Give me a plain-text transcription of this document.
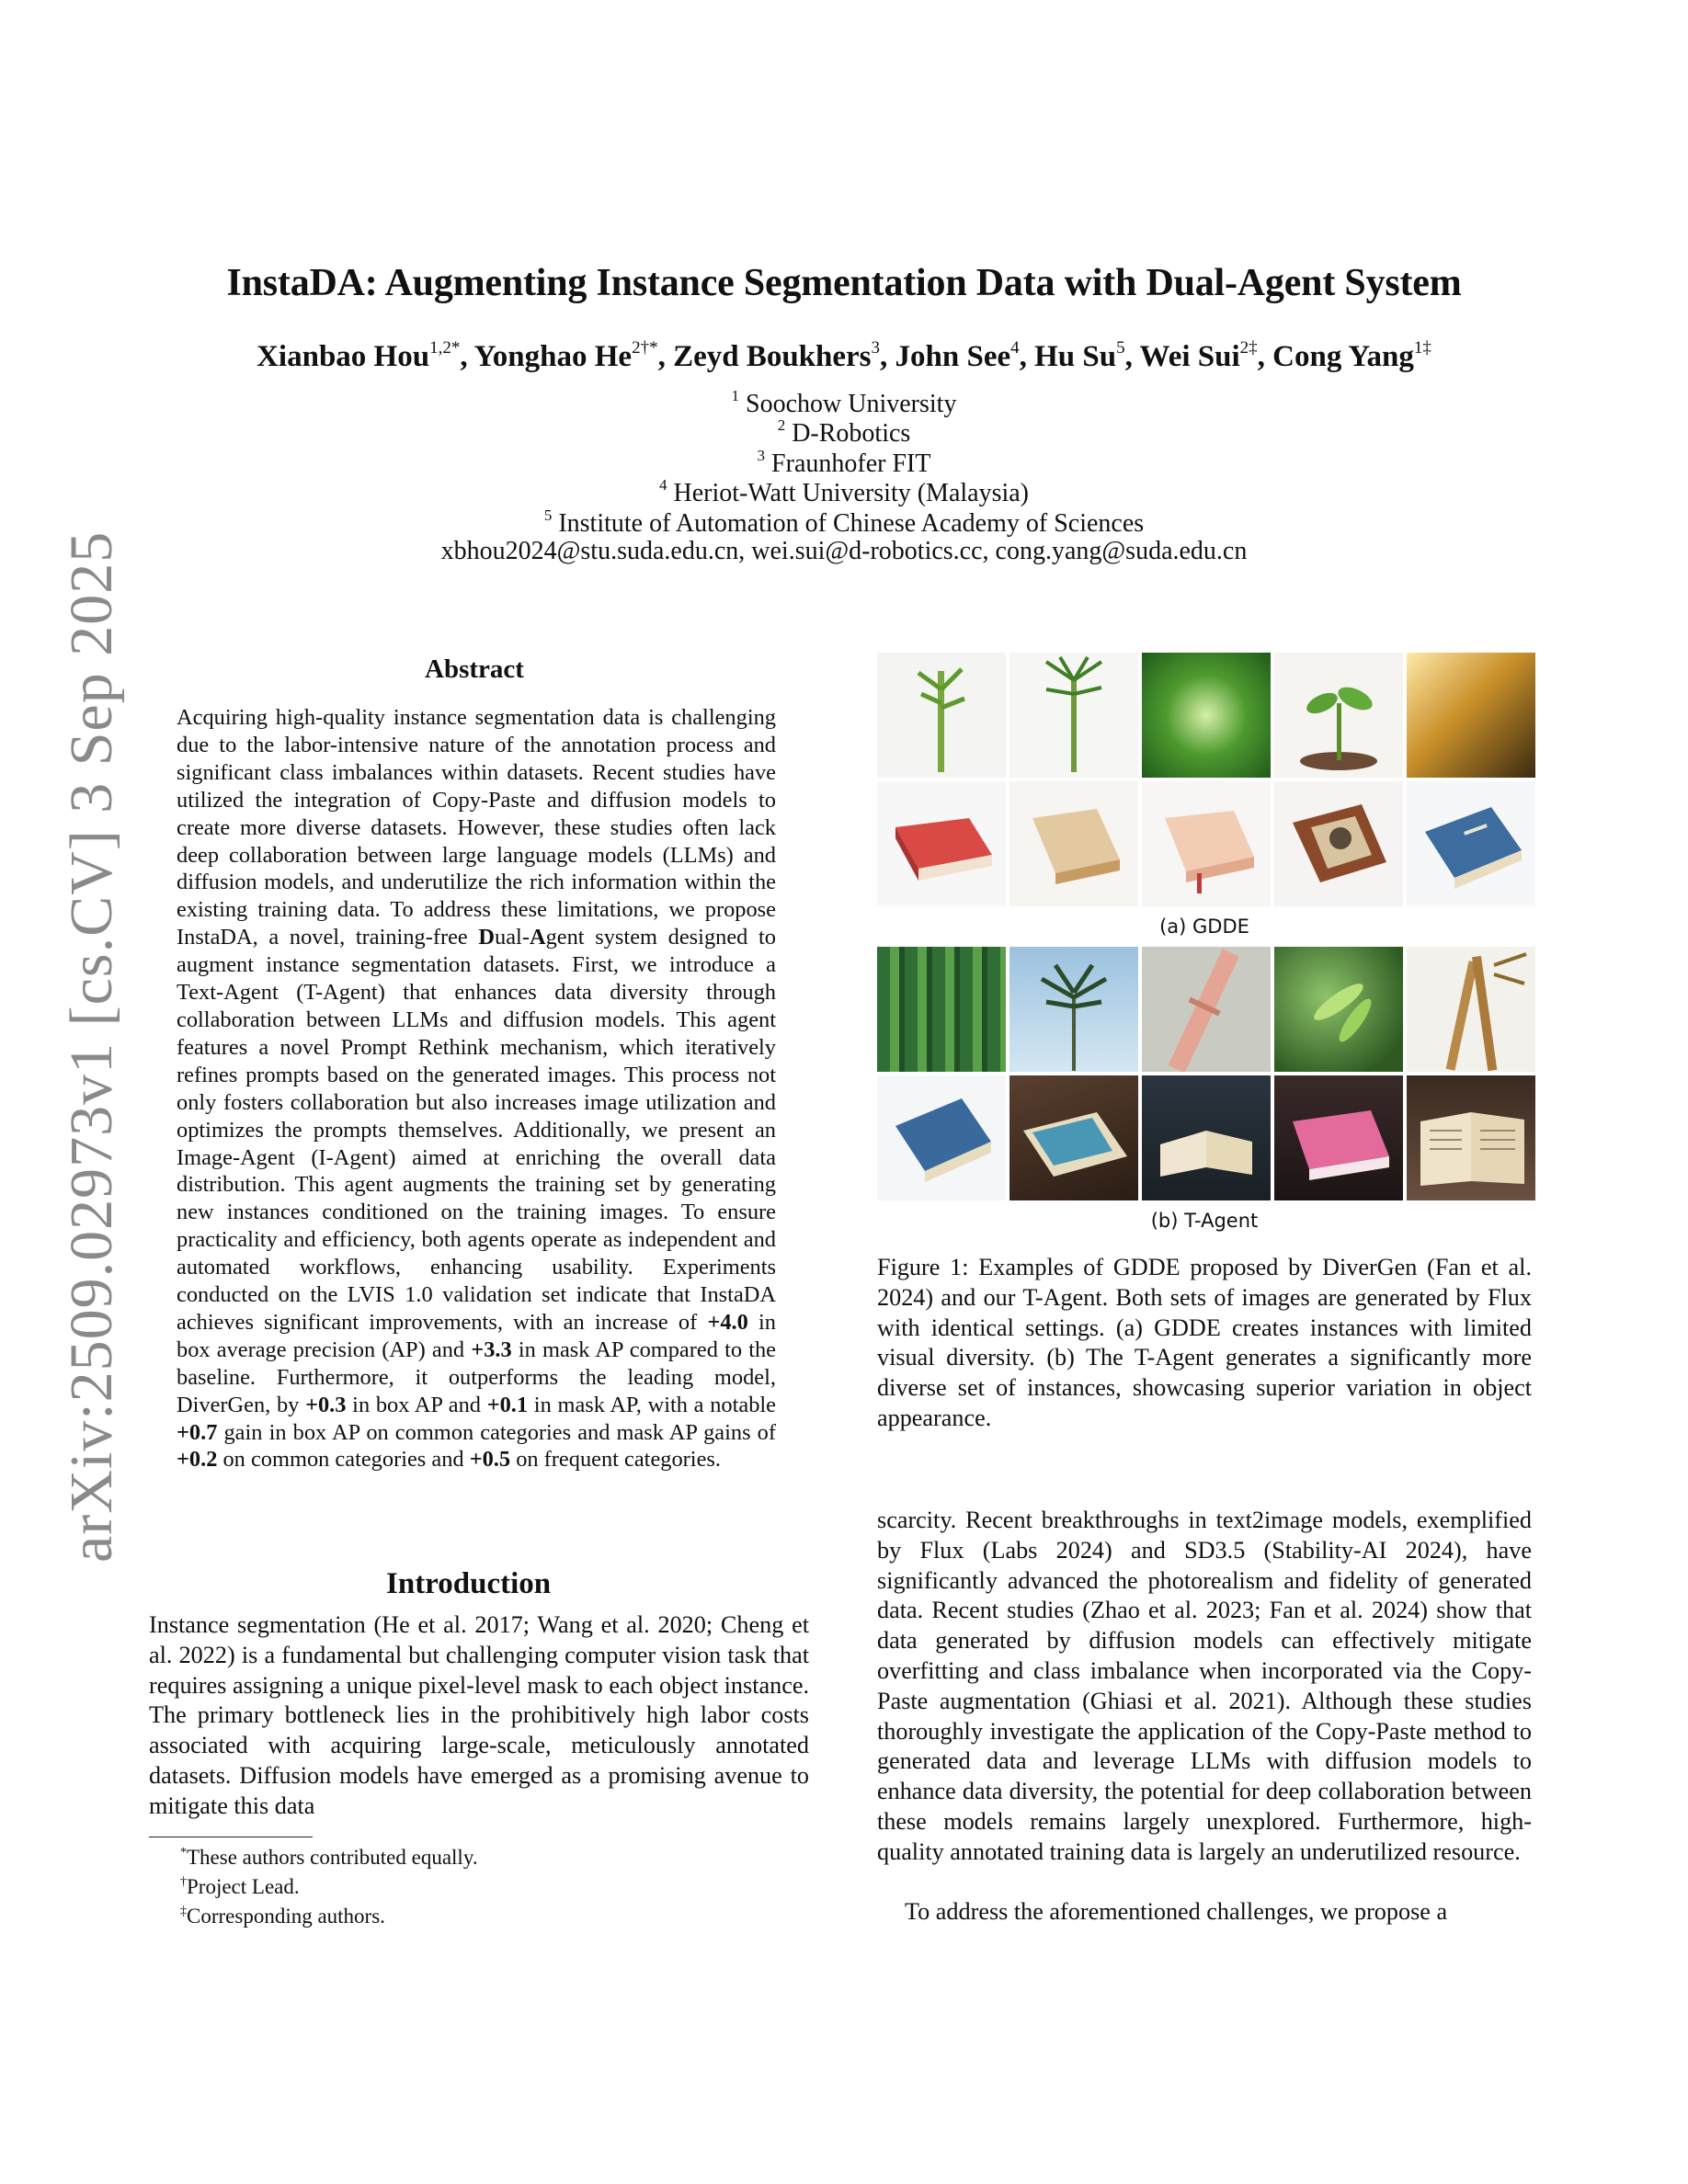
arXiv:2509.02973v1 [cs.CV] 3 Sep 2025
InstaDA: Augmenting Instance Segmentation Data with Dual-Agent System
Xianbao Hou$^{1,2*}$, Yonghao $He^{2\dagger*}$, Zeyd Boukhers$^3$, John See$^4$, Hu Su$^5$, Wei Sui$^{2\ddagger}$, Cong Yang$^{1\ddagger}$
$^1$ Soochow University
$^2$ D-Robotics
$^3$ Fraunhofer FIT
$^4$ Heriot-Watt University (Malaysia)
$^5$ Institute of Automation of Chinese Academy of Sciences
xbhou2024@stu.suda.edu.cn, wei.sui@d-robotics.cc, cong.yang@suda.edu.cn
Abstract
Acquiring high-quality instance segmentation data is challenging due to the labor-intensive nature of the annotation process and significant class imbalances within datasets. Recent studies have utilized the integration of Copy-Paste and diffusion models to create more diverse datasets. However, these studies often lack deep collaboration between large language models (LLMs) and diffusion models, and underutilize the rich information within the existing training data. To address these limitations, we propose InstaDA, a novel, training-free Dual-Agent system designed to augment instance segmentation datasets. First, we introduce a Text-Agent (T-Agent) that enhances data diversity through collaboration between LLMs and diffusion models. This agent features a novel Prompt Rethink mechanism, which iteratively refines prompts based on the generated images. This process not only fosters collaboration but also increases image utilization and optimizes the prompts themselves. Additionally, we present an Image-Agent (I-Agent) aimed at enriching the overall data distribution. This agent augments the training set by generating new instances conditioned on the training images. To ensure practicality and efficiency, both agents operate as independent and automated workflows, enhancing usability. Experiments conducted on the LVIS 1.0 validation set indicate that InstaDA achieves significant improvements, with an increase of +4.0 in box average precision (AP) and +3.3 in mask AP compared to the baseline. Furthermore, it outperforms the leading model, DiverGen, by +0.3 in box AP and +0.1 in mask AP, with a notable +0.7 gain in box AP on common categories and mask AP gains of +0.2 on common categories and +0.5 on frequent categories.
Introduction
Instance segmentation (He et al. 2017; Wang et al. 2020; Cheng et al. 2022) is a fundamental but challenging computer vision task that requires assigning a unique pixel-level mask to each object instance. The primary bottleneck lies in the prohibitively high labor costs associated with acquiring large-scale, meticulously annotated datasets. Diffusion models have emerged as a promising avenue to mitigate this data
*These authors contributed equally.
†Project Lead.
‡Corresponding authors.
(a) GDDE
(b) T-Agent
Figure 1: Examples of GDDE proposed by DiverGen (Fan et al. 2024) and our T-Agent. Both sets of images are generated by Flux with identical settings. (a) GDDE creates instances with limited visual diversity. (b) The T-Agent generates a significantly more diverse set of instances, showcasing superior variation in object appearance.
scarcity. Recent breakthroughs in text2image models, exemplified by Flux (Labs 2024) and SD3.5 (Stability-AI 2024), have significantly advanced the photorealism and fidelity of generated data. Recent studies (Zhao et al. 2023; Fan et al. 2024) show that data generated by diffusion models can effectively mitigate overfitting and class imbalance when incorporated via the Copy-Paste augmentation (Ghiasi et al. 2021). Although these studies thoroughly investigate the application of the Copy-Paste method to generated data and leverage LLMs with diffusion models to enhance data diversity, the potential for deep collaboration between these models remains largely unexplored. Furthermore, high-quality annotated training data is largely an underutilized resource.
To address the aforementioned challenges, we propose a
